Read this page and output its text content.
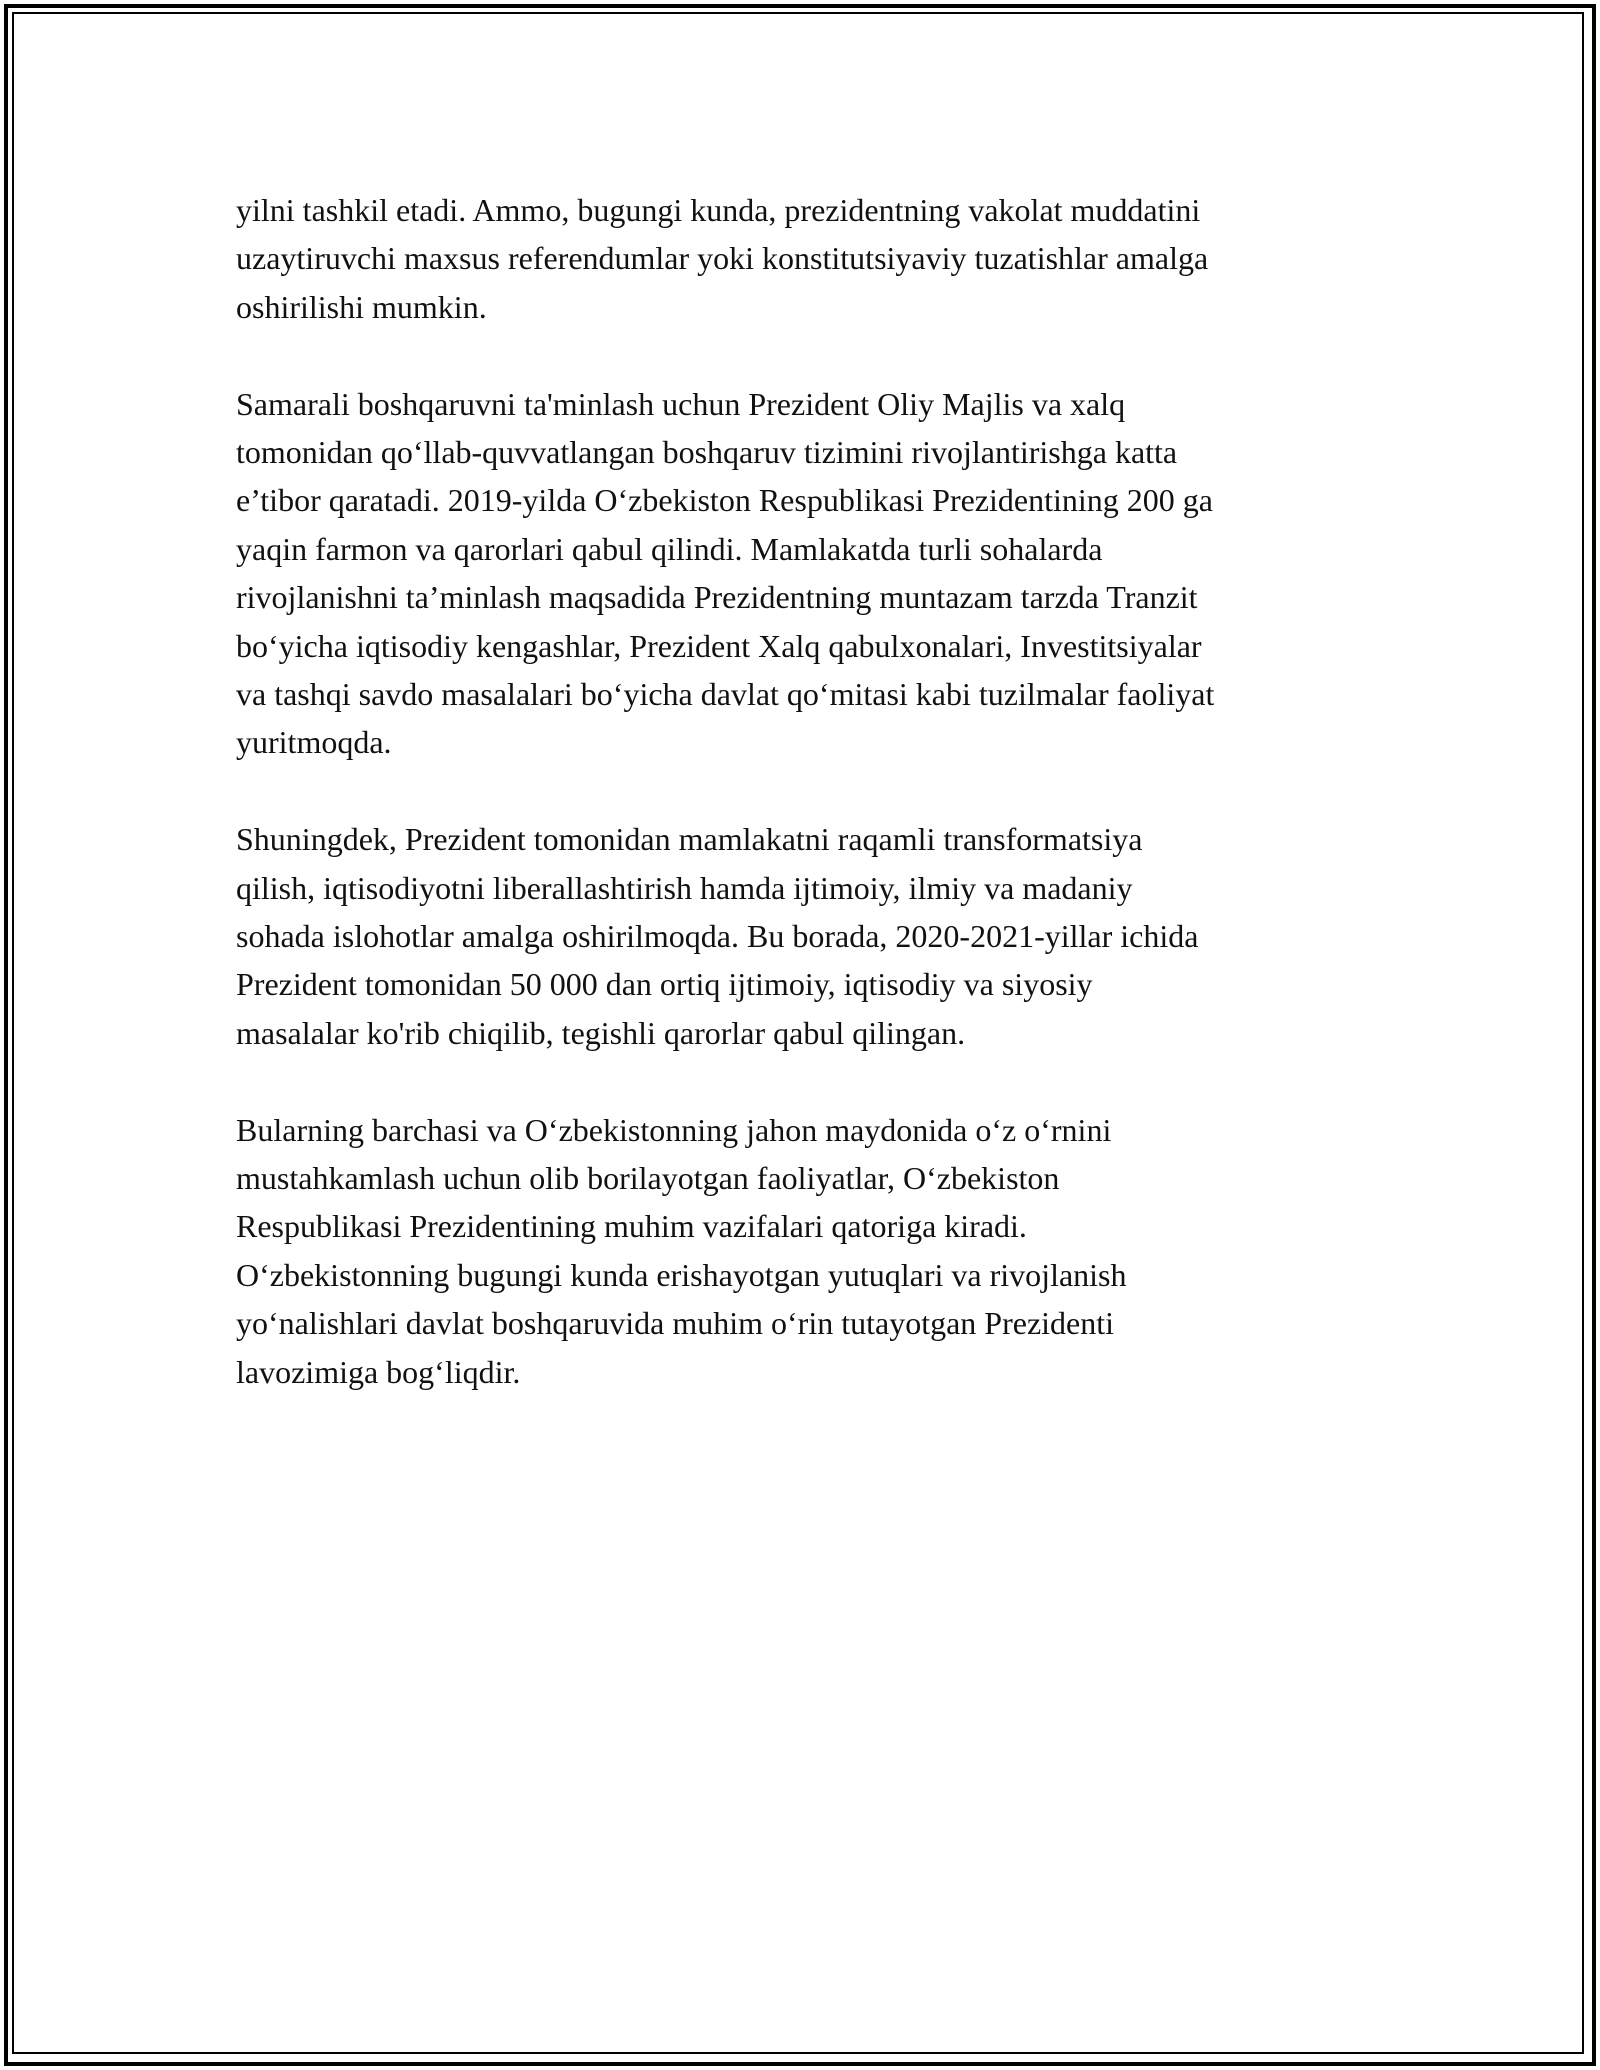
yilni tashkil etadi. Ammo, bugungi kunda, prezidentning vakolat muddatini
uzaytiruvchi maxsus referendumlar yoki konstitutsiyaviy tuzatishlar amalga
oshirilishi mumkin.

Samarali boshqaruvni ta'minlash uchun Prezident Oliy Majlis va xalq
tomonidan qo‘llab-quvvatlangan boshqaruv tizimini rivojlantirishga katta
e’tibor qaratadi. 2019-yilda O‘zbekiston Respublikasi Prezidentining 200 ga
yaqin farmon va qarorlari qabul qilindi. Mamlakatda turli sohalarda
rivojlanishni ta’minlash maqsadida Prezidentning muntazam tarzda Tranzit
bo‘yicha iqtisodiy kengashlar, Prezident Xalq qabulxonalari, Investitsiyalar
va tashqi savdo masalalari bo‘yicha davlat qo‘mitasi kabi tuzilmalar faoliyat
yuritmoqda.

Shuningdek, Prezident tomonidan mamlakatni raqamli transformatsiya
qilish, iqtisodiyotni liberallashtirish hamda ijtimoiy, ilmiy va madaniy
sohada islohotlar amalga oshirilmoqda. Bu borada, 2020-2021-yillar ichida
Prezident tomonidan 50 000 dan ortiq ijtimoiy, iqtisodiy va siyosiy
masalalar ko'rib chiqilib, tegishli qarorlar qabul qilingan.

Bularning barchasi va O‘zbekistonning jahon maydonida o‘z o‘rnini
mustahkamlash uchun olib borilayotgan faoliyatlar, O‘zbekiston
Respublikasi Prezidentining muhim vazifalari qatoriga kiradi.
O‘zbekistonning bugungi kunda erishayotgan yutuqlari va rivojlanish
yo‘nalishlari davlat boshqaruvida muhim o‘rin tutayotgan Prezidenti
lavozimiga bog‘liqdir.
